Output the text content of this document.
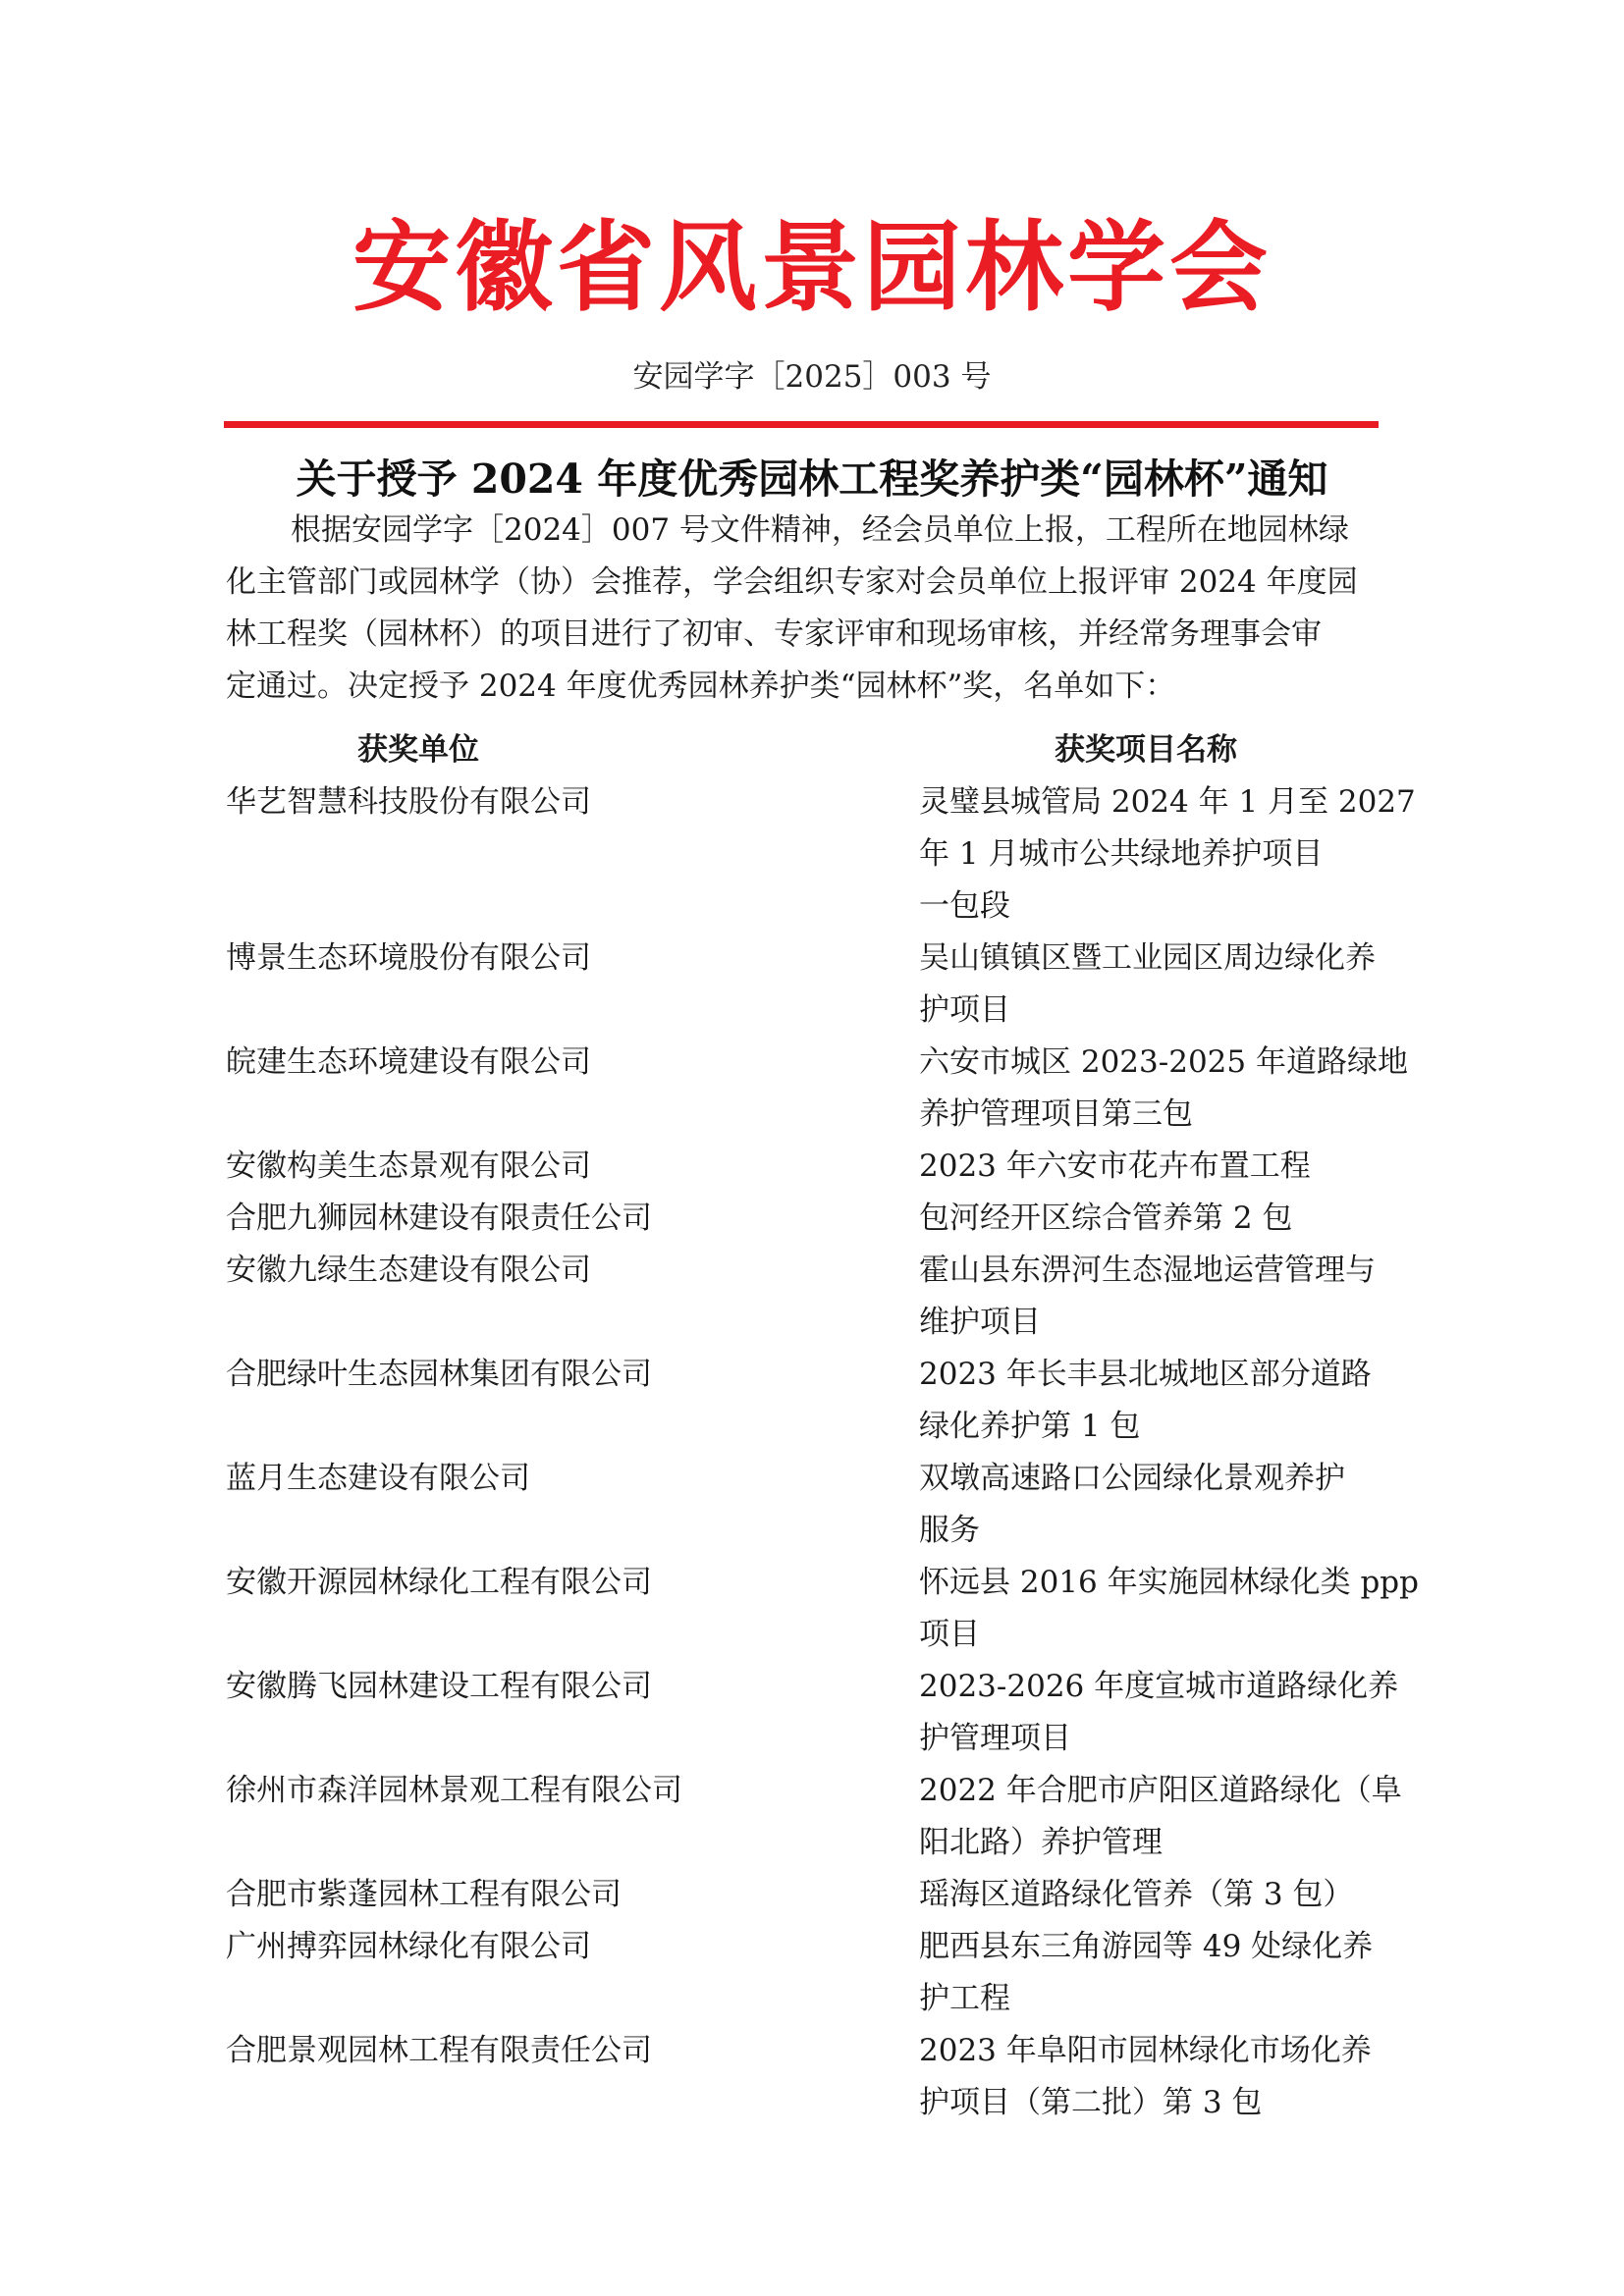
安徽省风景园林学会
安园学字［2025］003 号
关于授予 2024 年度优秀园林工程奖养护类“园林杯”通知
根据安园学字［2024］007 号文件精神，经会员单位上报，工程所在地园林绿
化主管部门或园林学（协）会推荐，学会组织专家对会员单位上报评审 2024 年度园
林工程奖（园林杯）的项目进行了初审、专家评审和现场审核，并经常务理事会审
定通过。决定授予 2024 年度优秀园林养护类“园林杯”奖，名单如下：
获奖单位	获奖项目名称
华艺智慧科技股份有限公司	灵璧县城管局 2024 年 1 月至 2027
年 1 月城市公共绿地养护项目
一包段
博景生态环境股份有限公司	吴山镇镇区暨工业园区周边绿化养
护项目
皖建生态环境建设有限公司	六安市城区 2023-2025 年道路绿地
养护管理项目第三包
安徽构美生态景观有限公司	2023 年六安市花卉布置工程
合肥九狮园林建设有限责任公司	包河经开区综合管养第 2 包
安徽九绿生态建设有限公司	霍山县东淠河生态湿地运营管理与
维护项目
合肥绿叶生态园林集团有限公司	2023 年长丰县北城地区部分道路
绿化养护第 1 包
蓝月生态建设有限公司	双墩高速路口公园绿化景观养护
服务
安徽开源园林绿化工程有限公司	怀远县 2016 年实施园林绿化类 ppp
项目
安徽腾飞园林建设工程有限公司	2023-2026 年度宣城市道路绿化养
护管理项目
徐州市森洋园林景观工程有限公司	2022 年合肥市庐阳区道路绿化（阜
阳北路）养护管理
合肥市紫蓬园林工程有限公司	瑶海区道路绿化管养（第 3 包）
广州搏弈园林绿化有限公司	肥西县东三角游园等 49 处绿化养
护工程
合肥景观园林工程有限责任公司	2023 年阜阳市园林绿化市场化养
护项目（第二批）第 3 包
